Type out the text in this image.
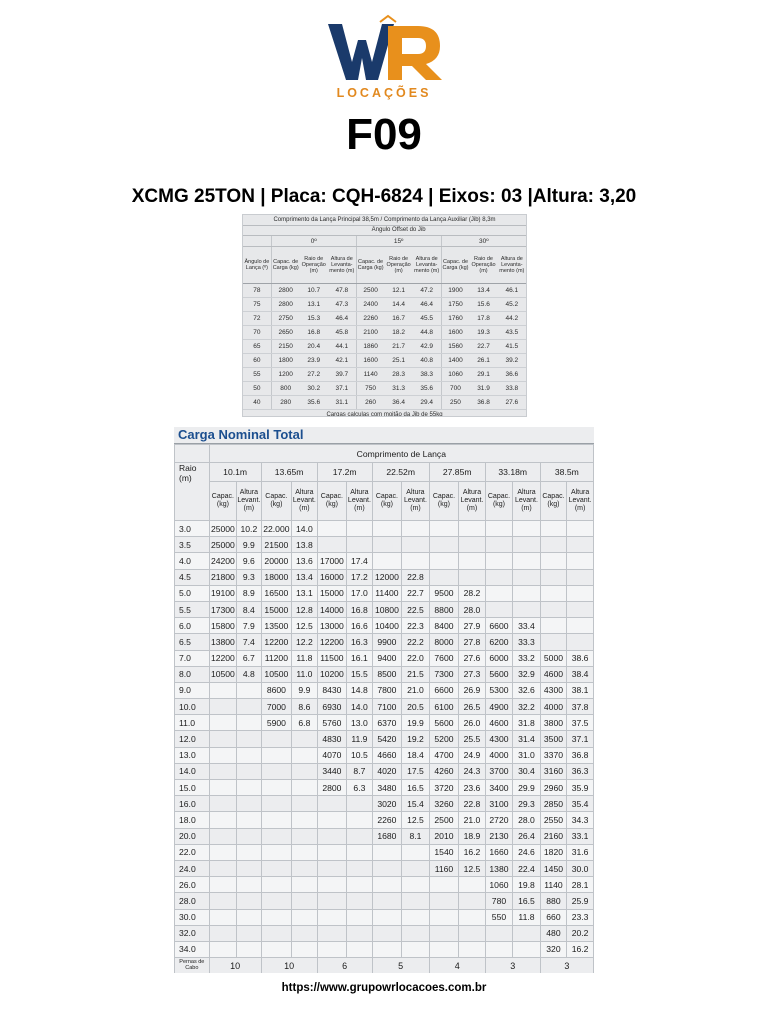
LOCAÇÕES
F09
XCMG 25TON | Placa: CQH-6824 | Eixos: 03 |Altura: 3,20
Comprimento da Lança Principal 38,5m / Comprimento da Lança Auxiliar (Jib) 8,3m									
	Ângulo Offset do Jib								
	0º			15º			30º		
Ângulo de Lança (º)	Capac. de Carga (kg)	Raio de Operação (m)	Altura de Levanta-mento (m)	Capac. de Carga (kg)	Raio de Operação (m)	Altura de Levanta-mento (m)	Capac. de Carga (kg)	Raio de Operação (m)	Altura de Levanta-mento (m)
78	2800	10.7	47.8	2500	12.1	47.2	1900	13.4	46.1
75	2800	13.1	47.3	2400	14.4	46.4	1750	15.6	45.2
72	2750	15.3	46.4	2260	16.7	45.5	1760	17.8	44.2
70	2650	16.8	45.8	2100	18.2	44.8	1600	19.3	43.5
65	2150	20.4	44.1	1860	21.7	42.9	1560	22.7	41.5
60	1800	23.9	42.1	1600	25.1	40.8	1400	26.1	39.2
55	1200	27.2	39.7	1140	28.3	38.3	1060	29.1	36.6
50	800	30.2	37.1	750	31.3	35.6	700	31.9	33.8
40	280	35.6	31.1	260	36.4	29.4	250	36.8	27.6
Cargas calculas com moitão da Jib de 55kg									
Carga Nominal Total
	Comprimento de Lança													
Raio (m)	10.1m		13.65m		17.2m		22.52m		27.85m		33.18m		38.5m	
	Capac. (kg)	Altura Levant. (m)	Capac. (kg)	Altura Levant. (m)	Capac. (kg)	Altura Levant. (m)	Capac. (kg)	Altura Levant. (m)	Capac. (kg)	Altura Levant. (m)	Capac. (kg)	Altura Levant. (m)	Capac. (kg)	Altura Levant. (m)
3.0	25000	10.2	22.000	14.0										
3.5	25000	9.9	21500	13.8										
4.0	24200	9.6	20000	13.6	17000	17.4								
4.5	21800	9.3	18000	13.4	16000	17.2	12000	22.8						
5.0	19100	8.9	16500	13.1	15000	17.0	11400	22.7	9500	28.2				
5.5	17300	8.4	15000	12.8	14000	16.8	10800	22.5	8800	28.0				
6.0	15800	7.9	13500	12.5	13000	16.6	10400	22.3	8400	27.9	6600	33.4		
6.5	13800	7.4	12200	12.2	12200	16.3	9900	22.2	8000	27.8	6200	33.3		
7.0	12200	6.7	11200	11.8	11500	16.1	9400	22.0	7600	27.6	6000	33.2	5000	38.6
8.0	10500	4.8	10500	11.0	10200	15.5	8500	21.5	7300	27.3	5600	32.9	4600	38.4
9.0			8600	9.9	8430	14.8	7800	21.0	6600	26.9	5300	32.6	4300	38.1
10.0			7000	8.6	6930	14.0	7100	20.5	6100	26.5	4900	32.2	4000	37.8
11.0			5900	6.8	5760	13.0	6370	19.9	5600	26.0	4600	31.8	3800	37.5
12.0					4830	11.9	5420	19.2	5200	25.5	4300	31.4	3500	37.1
13.0					4070	10.5	4660	18.4	4700	24.9	4000	31.0	3370	36.8
14.0					3440	8.7	4020	17.5	4260	24.3	3700	30.4	3160	36.3
15.0					2800	6.3	3480	16.5	3720	23.6	3400	29.9	2960	35.9
16.0							3020	15.4	3260	22.8	3100	29.3	2850	35.4
18.0							2260	12.5	2500	21.0	2720	28.0	2550	34.3
20.0							1680	8.1	2010	18.9	2130	26.4	2160	33.1
22.0									1540	16.2	1660	24.6	1820	31.6
24.0									1160	12.5	1380	22.4	1450	30.0
26.0											1060	19.8	1140	28.1
28.0											780	16.5	880	25.9
30.0											550	11.8	660	23.3
32.0													480	20.2
34.0													320	16.2
Pernas de Cabo	10		10		6		5		4		3		3	

https://www.grupowrlocacoes.com.br
